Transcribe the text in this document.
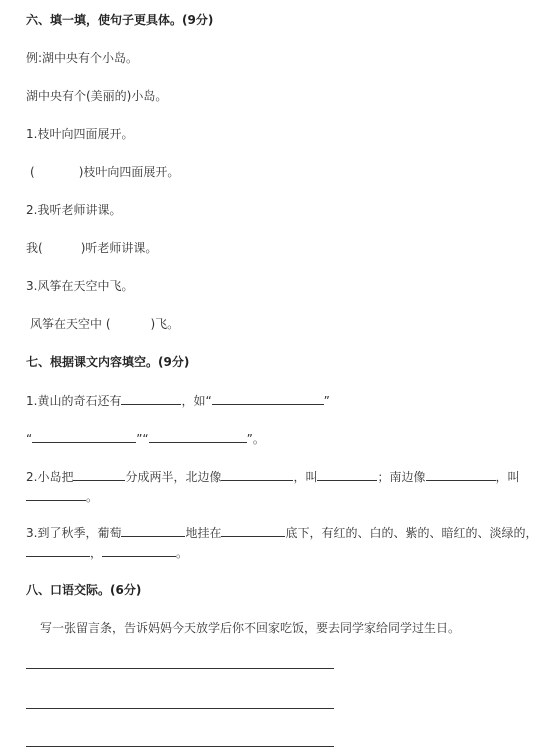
六、填一填，使句子更具体。(9分)
例:湖中央有个小岛。
湖中央有个(美丽的)小岛。
1.枝叶向四面展开。
(	)枝叶向四面展开。
2.我听老师讲课。
我(	)听老师讲课。
3.风筝在天空中飞。
风筝在天空中 (	)飞。
七、根据课文内容填空。(9分)
1.黄山的奇石还有	，如“	”
“	”“	”。
2.小岛把	分成两半，北边像	，叫	；南边像	，叫
。
3.到了秋季，葡萄	地挂在	底下，有红的、白的、紫的、暗红的、淡绿的，
，	。
八、口语交际。(6分)
写一张留言条，告诉妈妈今天放学后你不回家吃饭，要去同学家给同学过生日。
